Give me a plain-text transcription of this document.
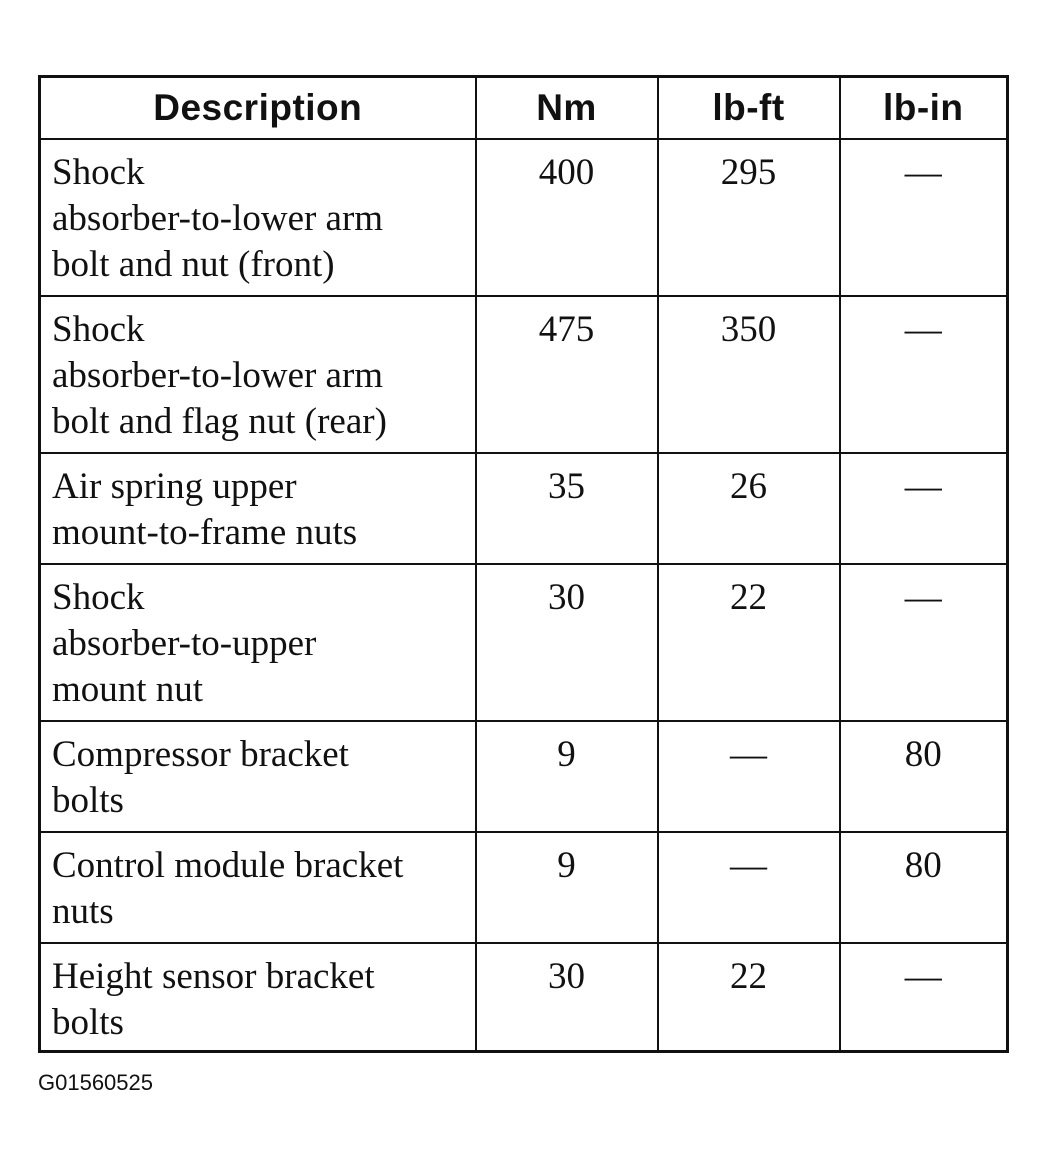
Description	Nm	lb-ft	lb-in

Shock
absorber-to-lower arm
bolt and nut (front)	400	295	—

Shock
absorber-to-lower arm
bolt and flag nut (rear)	475	350	—

Air spring upper
mount-to-frame nuts	35	26	—

Shock
absorber-to-upper
mount nut	30	22	—

Compressor bracket
bolts	9	—	80

Control module bracket
nuts	9	—	80

Height sensor bracket
bolts	30	22	—
G01560525
